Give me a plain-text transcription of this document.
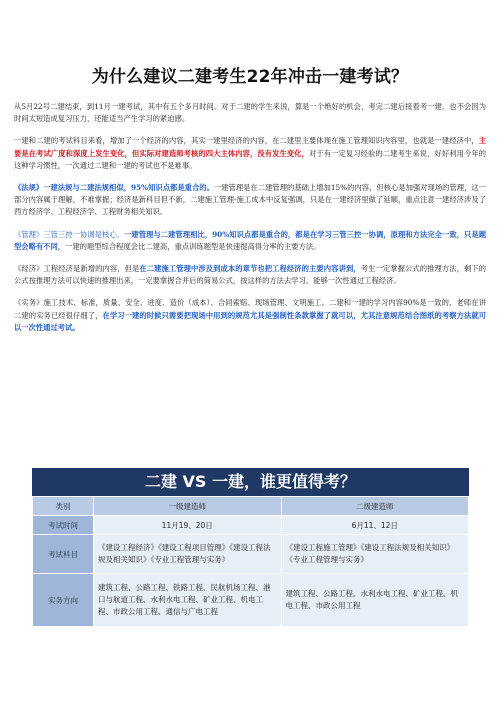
为什么建议二建考生22年冲击一建考试？

从5月22号二建结束，到11月一建考试，其中有五个多月时间。对于二建的学生来说，算是一个绝好的机会，考完二建后接着考一建。也不会因为时间太短造成复习压力，还能适当产生学习的紧迫感。

一建和二建的考试科目来看，增加了一个经济的内容，其实一建里经济的内容，在二建里主要体现在施工管理知识内容里，也就是一建经济中，主要是在考试广度和深度上发生变化，但实际对建造师考核的四大主体内容，没有发生变化，对于有一定复习经验的二建考生来说，好好利用今年的这种学习惯性，一次通过二建和一建的考试也不是难事。

《法规》一建法规与二建法规相似，95%知识点都是重合的。一建管理是在二建管理的基础上增加15%的内容，但核心是加强对现场的管理，这一部分内容属于理解，不难掌握；经济是新科目但不新，二建施工管理-施工成本中反复强调，只是在一建经济里做了延顺，重点注意一建经济涉及了西方经济学、工程经济学、工程财务相关知识。

《管理》三管三控一协调是核心。一建管理与二建管理相比，90%知识点都是重合的，都是在学习三管三控一协调，原理和方法完全一致，只是题型会略有不同，一建的题型综合程度会比二建高，重点训练题型是快速提高得分率的主要方法。

《经济》工程经济是新增的内容，但是在二建施工管理中涉及到成本的章节也把工程经济的主要内容讲到，考生一定掌握公式的推理方法，剩下的公式按推理方法可以快速的推理出来，一定要掌握合并后的简易公式，按这样的方法去学习，能够一次性通过工程经济。

《实务》施工技术、标准，质量、安全、进度、造价（成本）、合同索赔、现场管理、文明施工。二建和一建的学习内容90%是一致的，老师在讲二建的实务已经很仔细了，在学习一建的时候只需要把现场中用到的规范尤其是强制性条款掌握了就可以，尤其注意规范结合图纸的考察方法就可以一次性通过考试。

二建 VS 一建，谁更值得考？
类别	一级建造师	二级建造师
考试时间	11月19、20日	6月11、12日
考试科目	《建设工程经济》《建设工程项目管理》《建设工程法规及相关知识》《专业工程管理与实务》	《建设工程施工管理》《建设工程法规及相关知识》《专业工程管理与实务》
实务方向	建筑工程、公路工程、铁路工程、民航机场工程、港口与航道工程、水利水电工程、矿业工程、机电工程、市政公用工程、通信与广电工程	建筑工程、公路工程、水利水电工程、矿业工程、机电工程、市政公用工程
